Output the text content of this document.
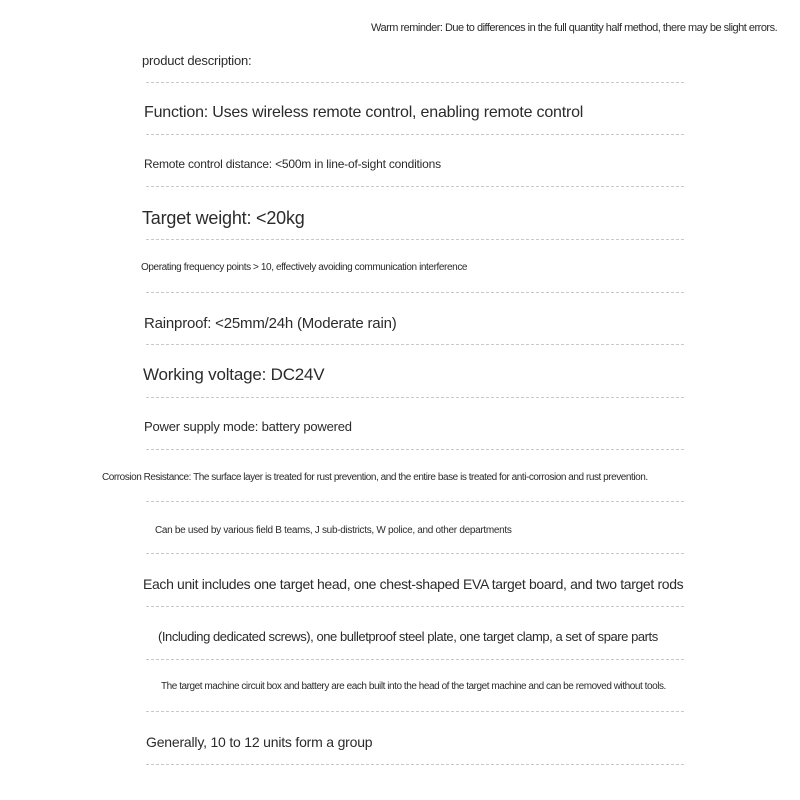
Warm reminder: Due to differences in the full quantity half method, there may be slight errors.
product description:
Function: Uses wireless remote control, enabling remote control
Remote control distance: <500m in line-of-sight conditions
Target weight: <20kg
Operating frequency points > 10, effectively avoiding communication interference
Rainproof: <25mm/24h (Moderate rain)
Working voltage: DC24V
Power supply mode: battery powered
Corrosion Resistance: The surface layer is treated for rust prevention, and the entire base is treated for anti-corrosion and rust prevention.
Can be used by various field B teams, J sub-districts, W police, and other departments
Each unit includes one target head, one chest-shaped EVA target board, and two target rods
(Including dedicated screws), one bulletproof steel plate, one target clamp, a set of spare parts
The target machine circuit box and battery are each built into the head of the target machine and can be removed without tools.
Generally, 10 to 12 units form a group
